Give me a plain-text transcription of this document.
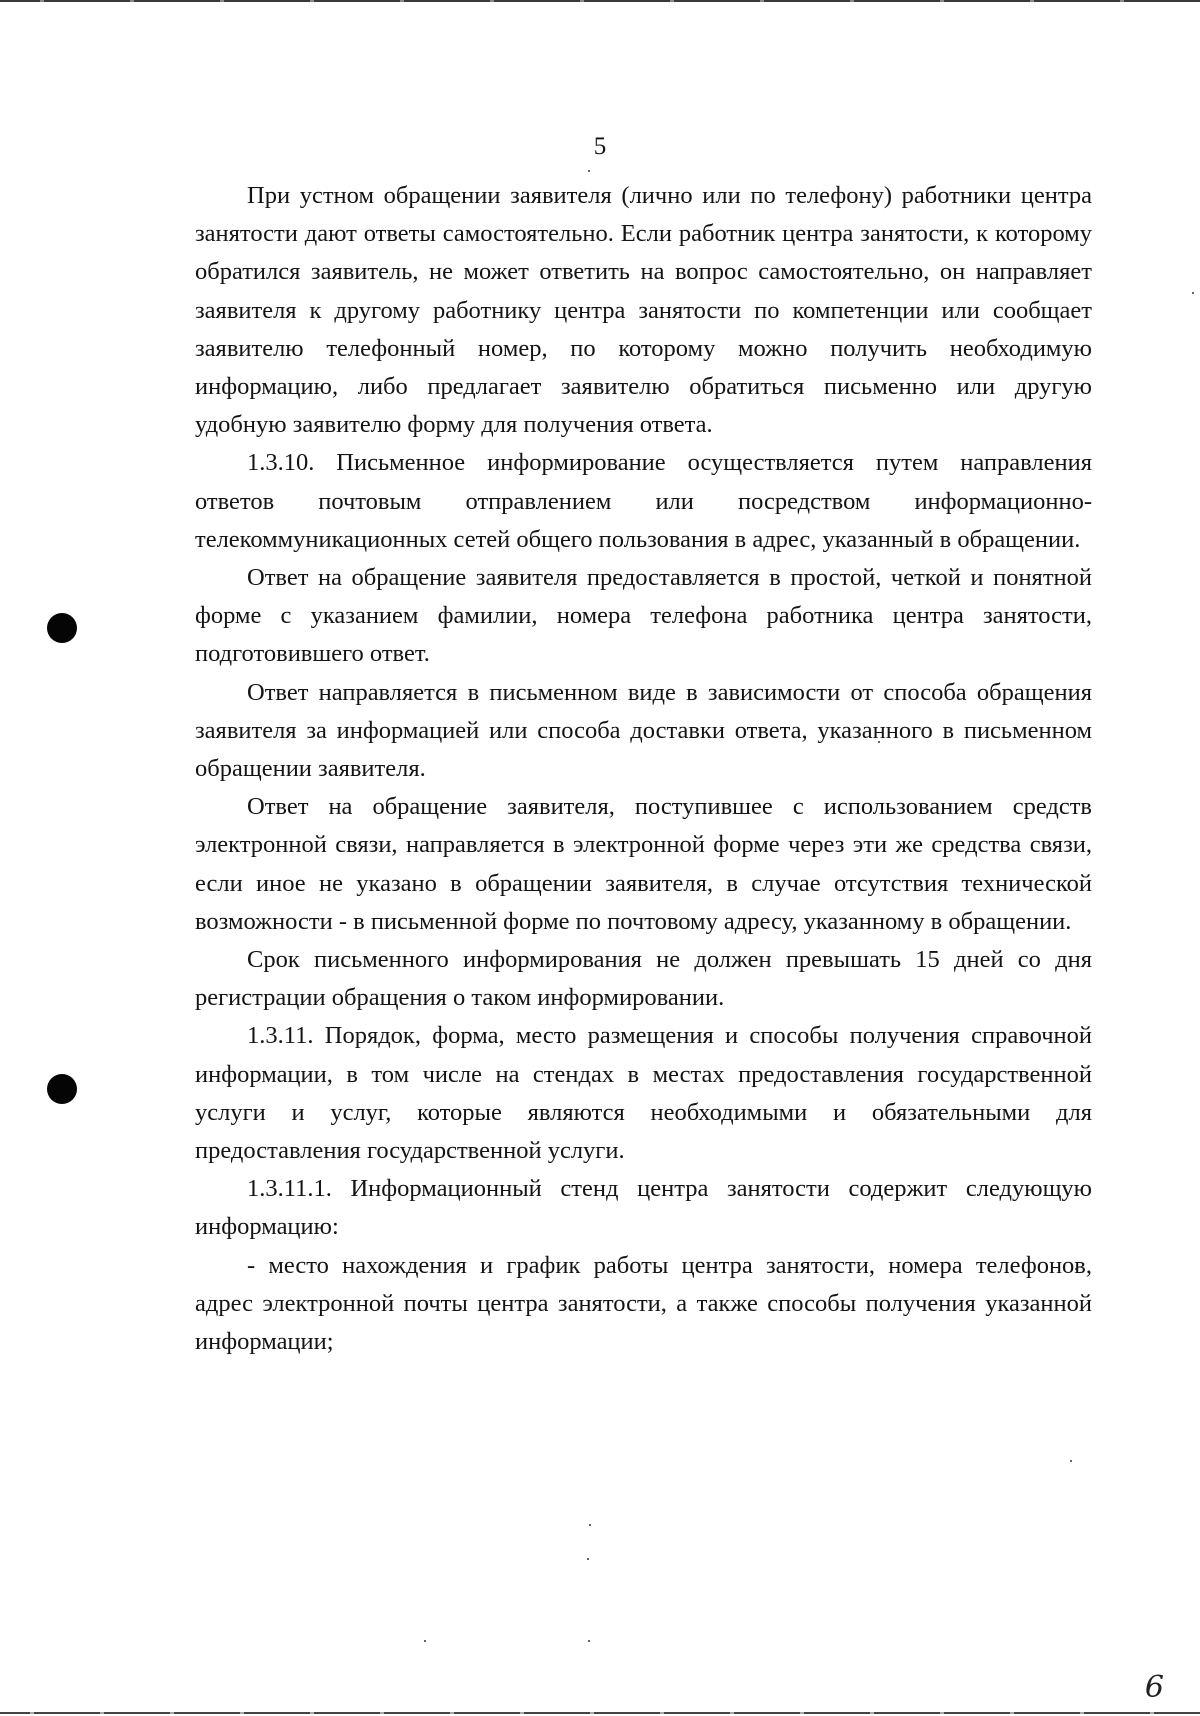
5

При устном обращении заявителя (лично или по телефону) работники центра занятости дают ответы самостоятельно. Если работник центра занятости, к которому обратился заявитель, не может ответить на вопрос самостоятельно, он направляет заявителя к другому работнику центра занятости по компетенции или сообщает заявителю телефонный номер, по которому можно получить необходимую информацию, либо предлагает заявителю обратиться письменно или другую удобную заявителю форму для получения ответа.

1.3.10. Письменное информирование осуществляется путем направления ответов почтовым отправлением или посредством информационно-телекоммуникационных сетей общего пользования в адрес, указанный в обращении.

Ответ на обращение заявителя предоставляется в простой, четкой и понятной форме с указанием фамилии, номера телефона работника центра занятости, подготовившего ответ.

Ответ направляется в письменном виде в зависимости от способа обращения заявителя за информацией или способа доставки ответа, указанного в письменном обращении заявителя.

Ответ на обращение заявителя, поступившее с использованием средств электронной связи, направляется в электронной форме через эти же средства связи, если иное не указано в обращении заявителя, в случае отсутствия технической возможности - в письменной форме по почтовому адресу, указанному в обращении.

Срок письменного информирования не должен превышать 15 дней со дня регистрации обращения о таком информировании.

1.3.11. Порядок, форма, место размещения и способы получения справочной информации, в том числе на стендах в местах предоставления государственной услуги и услуг, которые являются необходимыми и обязательными для предоставления государственной услуги.

1.3.11.1. Информационный стенд центра занятости содержит следующую информацию:

- место нахождения и график работы центра занятости, номера телефонов, адрес электронной почты центра занятости, а также способы получения указанной информации;

6
